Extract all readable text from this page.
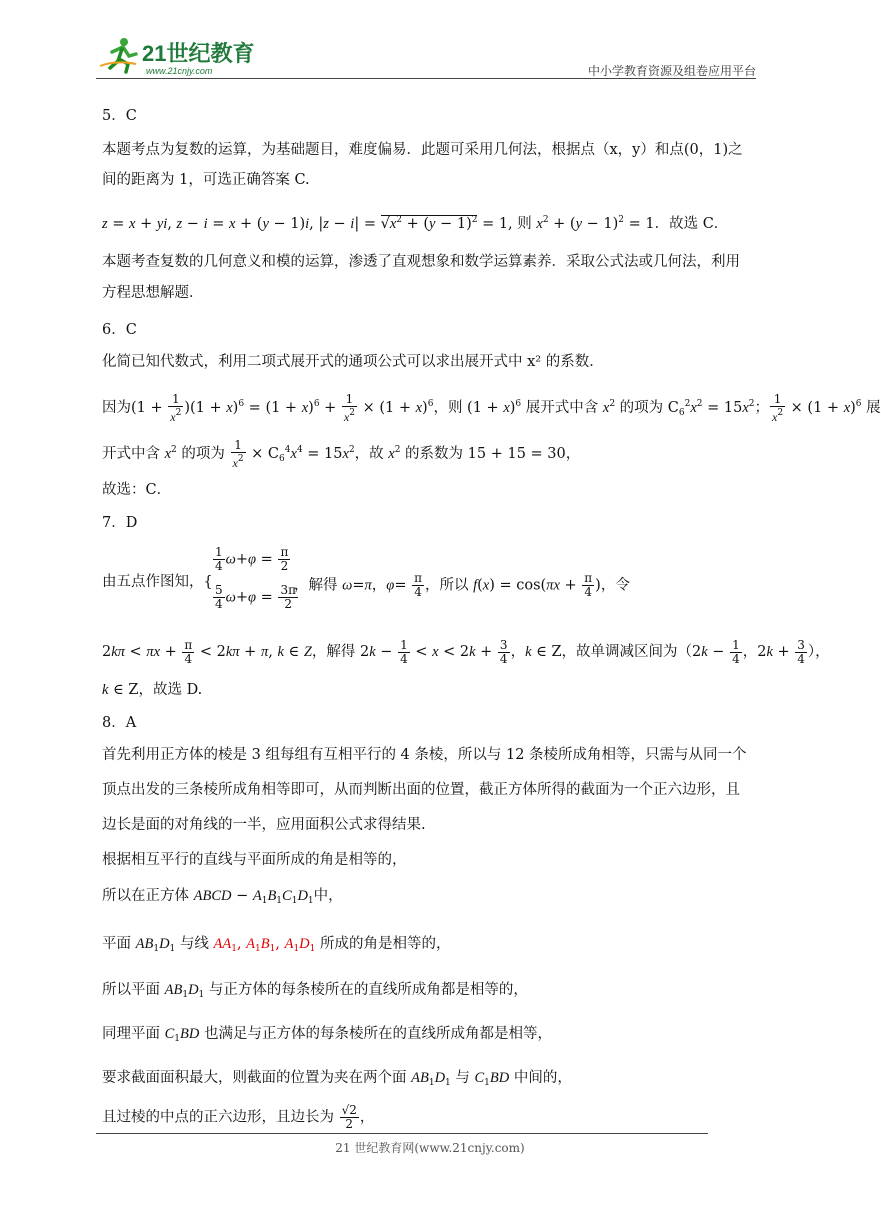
21世纪教育
www.21cnjy.com	中小学教育资源及组卷应用平台
5．C
本题考点为复数的运算，为基础题目，难度偏易．此题可采用几何法，根据点（x，y）和点(0，1)之
间的距离为 1，可选正确答案 C.
z = x + yi, z − i = x + (y − 1)i, $|z - i| = √x^2 + (y - 1)^2 = 1$, 则 $x^2 + (y - 1)^2 = 1$．故选 C．
本题考查复数的几何意义和模的运算，渗透了直观想象和数学运算素养．采取公式法或几何法，利用
方程思想解题．
6．C
化简已知代数式，利用二项式展开式的通项公式可以求出展开式中 x² 的系数．
因为$(1 + \frac{1}{x^2} )(1 + x)^6 = (1 + x)^6 + \frac{1}{x^2} \times (1 + x)^6$，则 $(1 + x)^6$ 展开式中含 $x^2$ 的项为 $C_6^2x^2 = 15x^2$； $\frac{1}{x^2} \times (1 + x)^6$ 展
开式中含 $x^2$ 的项为 $\frac{1}{x^2} \times C_6^4x^4 = 15x^2$，故 $x^2$ 的系数为 15 + 15 = 30，
故选：C．
7．D
由五点作图知，{
$\frac{1}{4} \omega+\varphi = \frac{\pi}{2}$
$\frac{5}{4} \omega+\varphi = \frac{3\pi}{2}$
，解得 ω=π，$\varphi= \frac{\pi}{4}$ ，所以 $f(x) = \cos(\pi x + \frac{\pi}{4}$ )，令
$2k\pi < \pi x + \frac{\pi}{4} < 2k\pi + \pi$, k ∈ Z，解得 $2k - \frac{1}{4} < x < 2k + \frac{3}{4}$ ，k ∈ Z，故单调减区间为（$2k - \frac{1}{4}$ ，$2k + \frac{3}{4}$ ），
k ∈ Z，故选 D.
8．A
首先利用正方体的棱是 3 组每组有互相平行的 4 条棱，所以与 12 条棱所成角相等，只需与从同一个
顶点出发的三条棱所成角相等即可，从而判断出面的位置，截正方体所得的截面为一个正六边形，且
边长是面的对角线的一半，应用面积公式求得结果.
根据相互平行的直线与平面所成的角是相等的，
所以在正方体 ABCD − $A_1B_1C_1D_1$中，
平面 $AB_1D_1$ 与线 $AA_1$, $A_1B_1$, $A_1D_1$ 所成的角是相等的，
所以平面 $AB_1D_1$ 与正方体的每条棱所在的直线所成角都是相等的，
同理平面 $C_1BD$ 也满足与正方体的每条棱所在的直线所成角都是相等，
要求截面面积最大，则截面的位置为夹在两个面 $AB_1D_1$ 与 $C_1BD$ 中间的，
且过棱的中点的正六边形，且边长为 $\frac{√2}{2}$ ，
21 世纪教育网(www.21cnjy.com)
